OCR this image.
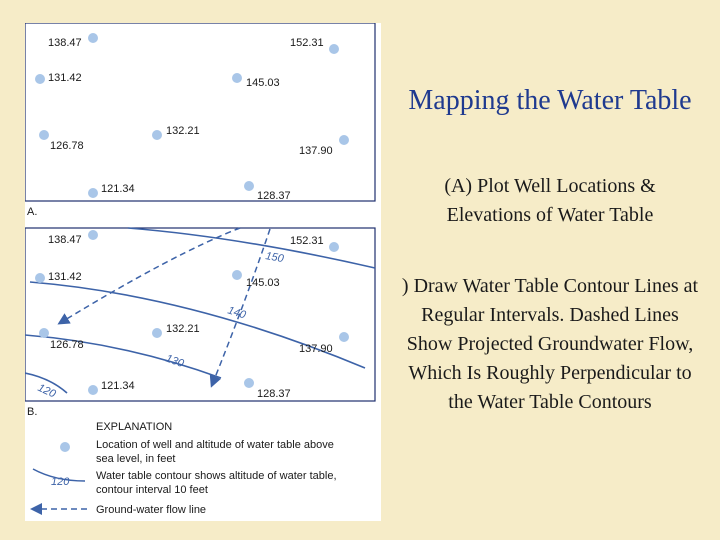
138.47	152.31
131.42	145.03
132.21
126.78	137.90
121.34
128.37
A.
150
140
130
120
138.47	152.31
131.42	145.03
132.21
126.78	137.90
121.34
128.37
B.
EXPLANATION
Location of well and altitude of water table above
sea level, in feet
120 Water table contour shows altitude of water table,
contour interval 10 feet
Ground-water flow line
Mapping the Water Table
(A) Plot Well Locations & Elevations of Water Table
) Draw Water Table Contour Lines at Regular Intervals. Dashed Lines Show Projected Groundwater Flow, Which Is Roughly Perpendicular to the Water Table Contours
